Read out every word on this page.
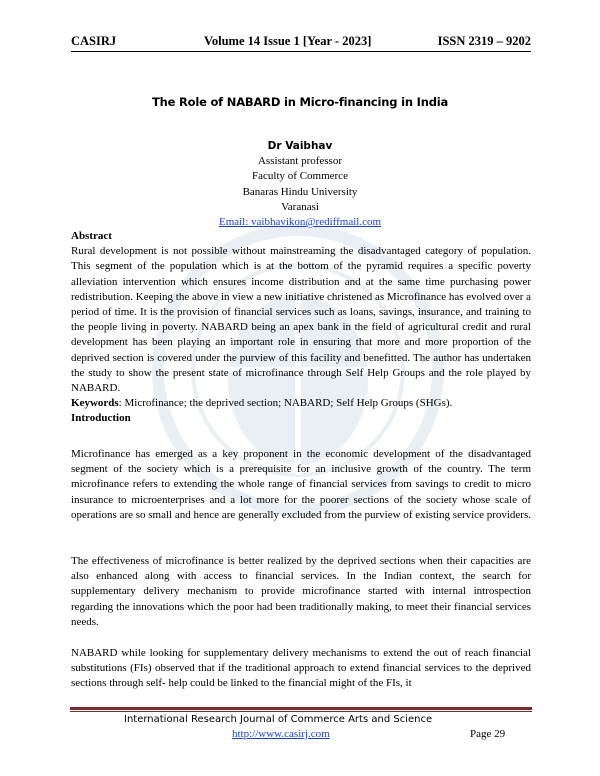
CASIRJ	Volume 14 Issue 1 [Year - 2023]	ISSN 2319 – 9202
The Role of NABARD in Micro-financing in India
Dr Vaibhav
Assistant professor
Faculty of Commerce
Banaras Hindu University
Varanasi
Email: vaibhavikon@rediffmail.com

Abstract

Rural development is not possible without mainstreaming the disadvantaged category of population. This segment of the population which is at the bottom of the pyramid requires a specific poverty alleviation intervention which ensures income distribution and at the same time purchasing power redistribution. Keeping the above in view a new initiative christened as Microfinance has evolved over a period of time. It is the provision of financial services such as loans, savings, insurance, and training to the people living in poverty. NABARD being an apex bank in the field of agricultural credit and rural development has been playing an important role in ensuring that more and more proportion of the deprived section is covered under the purview of this facility and benefitted. The author has undertaken the study to show the present state of microfinance through Self Help Groups and the role played by NABARD.

Keywords: Microfinance; the deprived section; NABARD; Self Help Groups (SHGs).

Introduction

Microfinance has emerged as a key proponent in the economic development of the disadvantaged segment of the society which is a prerequisite for an inclusive growth of the country. The term microfinance refers to extending the whole range of financial services from savings to credit to micro insurance to microenterprises and a lot more for the poorer sections of the society whose scale of operations are so small and hence are generally excluded from the purview of existing service providers.
The effectiveness of microfinance is better realized by the deprived sections when their capacities are also enhanced along with access to financial services. In the Indian context, the search for supplementary delivery mechanism to provide microfinance started with internal introspection regarding the innovations which the poor had been traditionally making, to meet their financial services needs.
NABARD while looking for supplementary delivery mechanisms to extend the out of reach financial substitutions (FIs) observed that if the traditional approach to extend financial services to the deprived sections through self- help could be linked to the financial might of the FIs, it
International Research Journal of Commerce Arts and Science
http://www.casirj.com	Page 29
